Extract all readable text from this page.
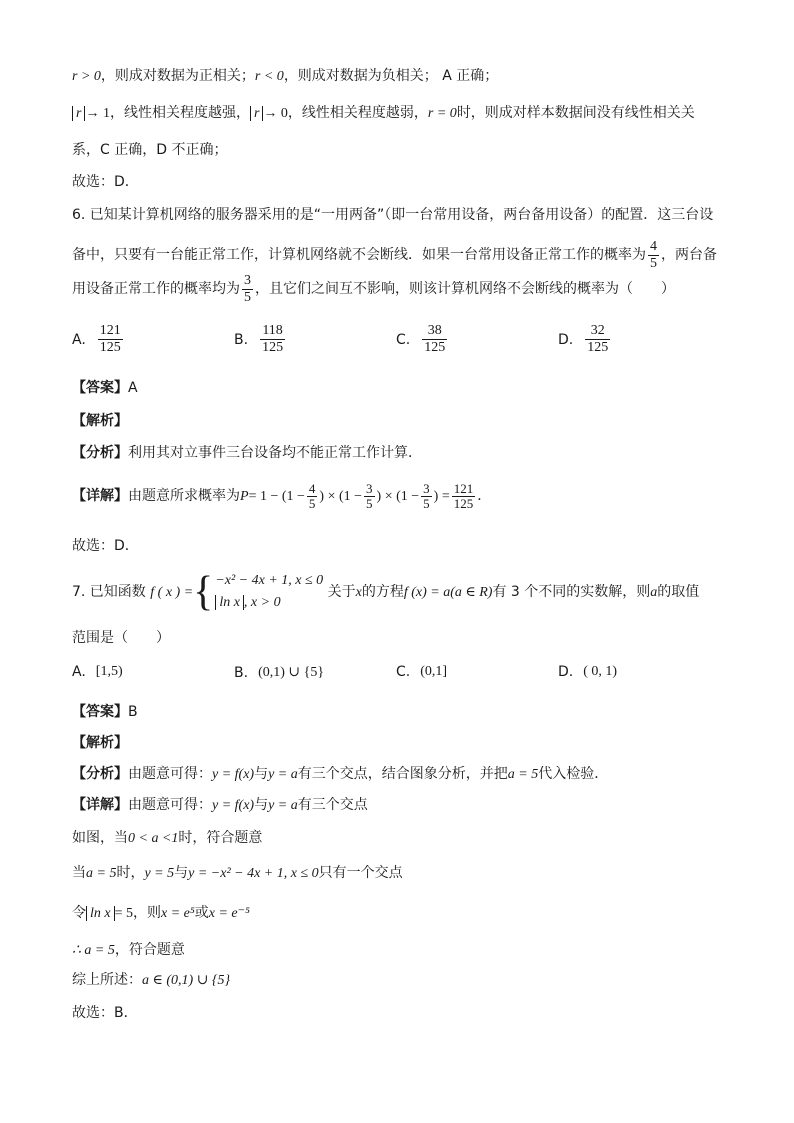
r > 0，则成对数据为正相关；r < 0，则成对数据为负相关； A 正确；
r → 1，线性相关程度越强， r → 0，线性相关程度越弱，r = 0时，则成对样本数据间没有线性相关关
系，C 正确，D 不正确；
故选：D．
6. 已知某计算机网络的服务器采用的是“一用两备”（即一台常用设备，两台备用设备）的配置．这三台设
备中，只要有一台能正常工作，计算机网络就不会断线．如果一台常用设备正常工作的概率为 $\frac{4}{5}$ ，两台备
用设备正常工作的概率均为 $\frac{3}{5}$ ，且它们之间互不影响，则该计算机网络不会断线的概率为（　　）
A. $\frac{121}{125}$	B. $\frac{118}{125}$	C. $\frac{38}{125}$	D. $\frac{32}{125}$
【答案】A
【解析】
【分析】利用其对立事件三台设备均不能正常工作计算．
【详解】由题意所求概率为$P= 1 - (1 - \frac{4}{5}$ ) × ($1 - \frac{3}{5}$ ) × ($1 - \frac{3}{5}$ ) = $\frac{121}{125}$ ．
故选：D．
7. 已知函数 f ( x ) = { −x² − 4x + 1, x ≤ 0
ln x , x > 0
关于x的方程f (x) = a(a ∈ R)有 3 个不同的实数解，则a的取值
范围是（　　）
A. [1,5)	B. (0,1) ∪ {5}	C. (0,1]	D. ( 0, 1)
【答案】B
【解析】
【分析】由题意可得：y = f(x)与y = a有三个交点，结合图象分析，并把a = 5代入检验．
【详解】由题意可得：y = f(x)与y = a有三个交点
如图，当0 < a <1时，符合题意
当a = 5时，y = 5与y = −x² − 4x + 1, x ≤ 0只有一个交点
令 ln x = 5，则x = e⁵或x = e⁻⁵
∴ a = 5，符合题意
综上所述：a ∈ (0,1) ∪ {5}
故选：B．
